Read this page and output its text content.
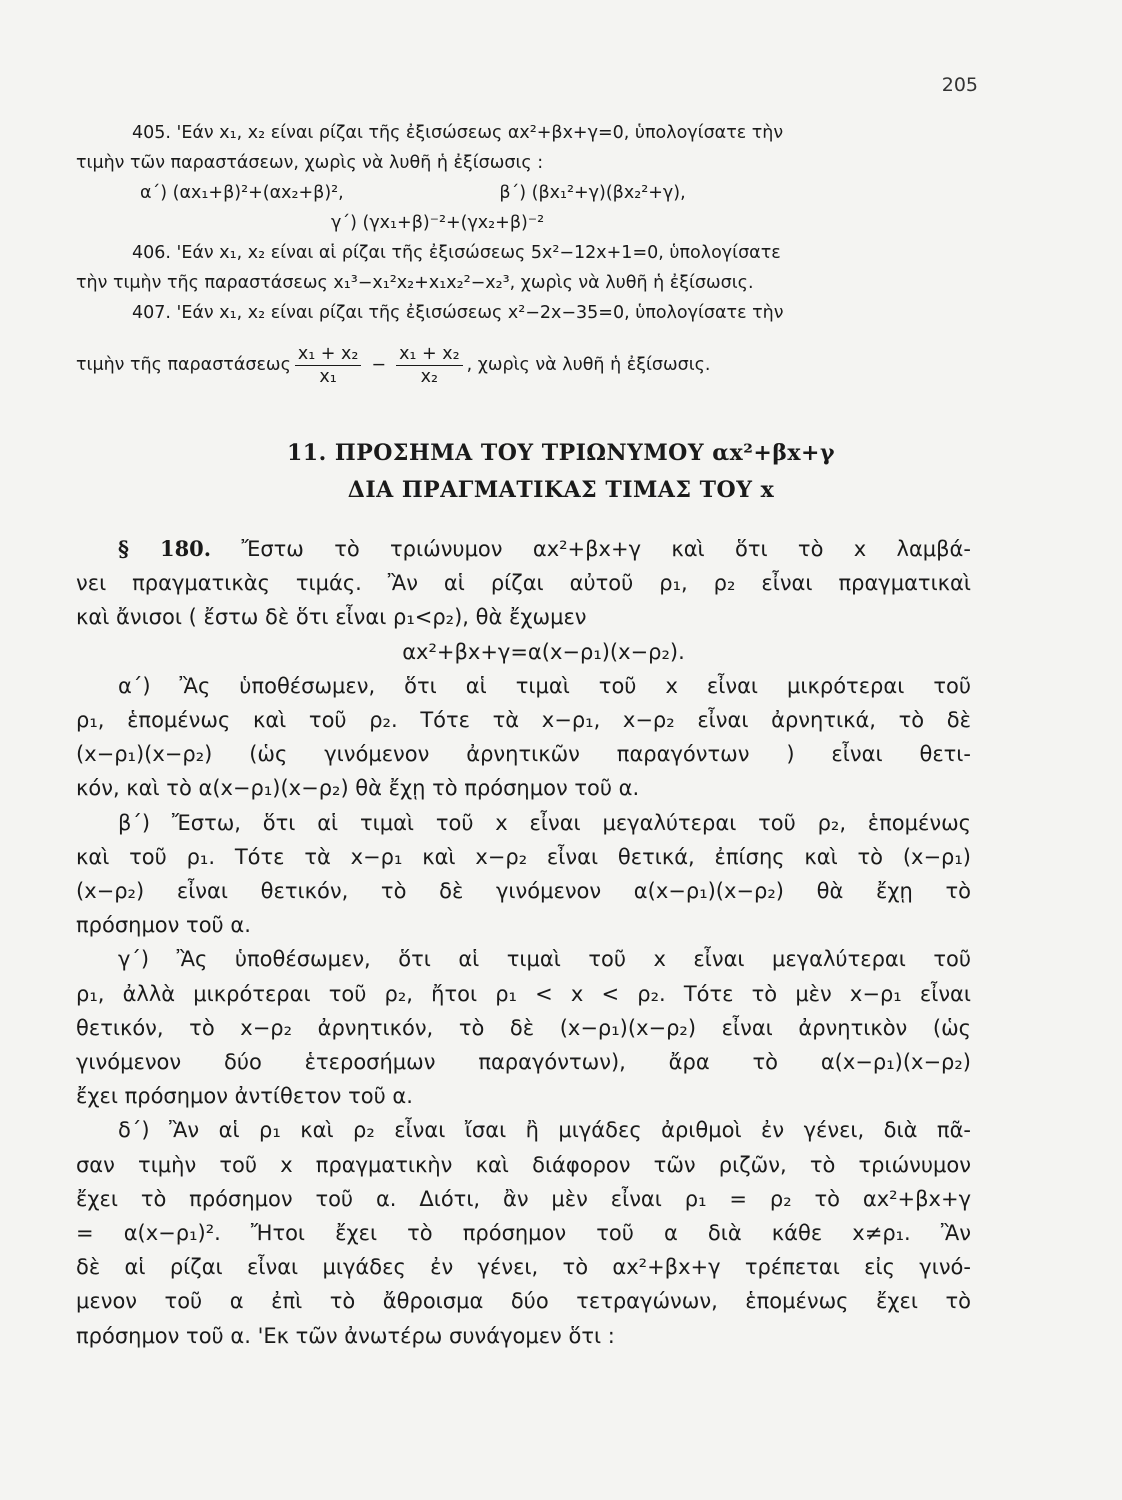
205
405. 'Εάν x₁, x₂ είναι ρίζαι τῆς ἐξισώσεως αx²+βx+γ=0, ὑπολογίσατε τὴν
τιμὴν τῶν παραστάσεων, χωρὶς νὰ λυθῆ ἡ ἐξίσωσις :
α΄) (αx₁+β)²+(αx₂+β)²,	β΄) (βx₁²+γ)(βx₂²+γ),
γ΄) (γx₁+β)⁻²+(γx₂+β)⁻²
406. 'Εάν x₁, x₂ είναι αἱ ρίζαι τῆς ἐξισώσεως 5x²−12x+1=0, ὑπολογίσατε
τὴν τιμὴν τῆς παραστάσεως x₁³−x₁²x₂+x₁x₂²−x₂³, χωρὶς νὰ λυθῆ ἡ ἐξίσωσις.
407. 'Εάν x₁, x₂ είναι ρίζαι τῆς ἐξισώσεως x²−2x−35=0, ὑπολογίσατε τὴν
τιμὴν τῆς παραστάσεως $\frac{\text{x₁ + x₂}}{\text{x₁}} - \frac{\text{x₁ + x₂}}{\text{x₂}}$ , χωρὶς νὰ λυθῆ ἡ ἐξίσωσις.
11. ΠΡΟΣΗΜΑ ΤΟΥ ΤΡΙΩΝΥΜΟΥ αx²+βx+γ
ΔΙΑ ΠΡΑΓΜΑΤΙΚΑΣ ΤΙΜΑΣ ΤΟΥ x

§ 180. Ἔστω τὸ τριώνυμον αx²+βx+γ καὶ ὅτι τὸ x λαμβά-

νει πραγματικὰς τιμάς. Ἂν αἱ ρίζαι αὐτοῦ ρ₁, ρ₂ εἶναι πραγματικαὶ

καὶ ἄνισοι ( ἔστω δὲ ὅτι εἶναι ρ₁<ρ₂), θὰ ἔχωμεν

αx²+βx+γ=α(x−ρ₁)(x−ρ₂).

α΄) Ἂς ὑποθέσωμεν, ὅτι αἱ τιμαὶ τοῦ x εἶναι μικρότεραι τοῦ

ρ₁, ἑπομένως καὶ τοῦ ρ₂. Τότε τὰ x−ρ₁, x−ρ₂ εἶναι ἀρνητικά, τὸ δὲ

(x−ρ₁)(x−ρ₂) (ὡς γινόμενον ἀρνητικῶν παραγόντων ) εἶναι θετι-

κόν, καὶ τὸ α(x−ρ₁)(x−ρ₂) θὰ ἔχῃ τὸ πρόσημον τοῦ α.

β΄) Ἔστω, ὅτι αἱ τιμαὶ τοῦ x εἶναι μεγαλύτεραι τοῦ ρ₂, ἑπομένως

καὶ τοῦ ρ₁. Τότε τὰ x−ρ₁ καὶ x−ρ₂ εἶναι θετικά, ἐπίσης καὶ τὸ (x−ρ₁)

(x−ρ₂) εἶναι θετικόν, τὸ δὲ γινόμενον α(x−ρ₁)(x−ρ₂) θὰ ἔχῃ τὸ

πρόσημον τοῦ α.

γ΄) Ἂς ὑποθέσωμεν, ὅτι αἱ τιμαὶ τοῦ x εἶναι μεγαλύτεραι τοῦ

ρ₁, ἀλλὰ μικρότεραι τοῦ ρ₂, ἤτοι ρ₁ < x < ρ₂. Τότε τὸ μὲν x−ρ₁ εἶναι

θετικόν, τὸ x−ρ₂ ἀρνητικόν, τὸ δὲ (x−ρ₁)(x−ρ₂) εἶναι ἀρνητικὸν (ὡς

γινόμενον δύο ἑτεροσήμων παραγόντων), ἄρα τὸ α(x−ρ₁)(x−ρ₂)

ἔχει πρόσημον ἀντίθετον τοῦ α.

δ΄) Ἂν αἱ ρ₁ καὶ ρ₂ εἶναι ἴσαι ἢ μιγάδες ἀριθμοὶ ἐν γένει, διὰ πᾶ-

σαν τιμὴν τοῦ x πραγματικὴν καὶ διάφορον τῶν ριζῶν, τὸ τριώνυμον

ἔχει τὸ πρόσημον τοῦ α. Διότι, ἂν μὲν εἶναι ρ₁ = ρ₂ τὸ αx²+βx+γ

= α(x−ρ₁)². Ἤτοι ἔχει τὸ πρόσημον τοῦ α διὰ κάθε x≠ρ₁. Ἂν

δὲ αἱ ρίζαι εἶναι μιγάδες ἐν γένει, τὸ αx²+βx+γ τρέπεται εἰς γινό-

μενον τοῦ α ἐπὶ τὸ ἄθροισμα δύο τετραγώνων, ἑπομένως ἔχει τὸ

πρόσημον τοῦ α. 'Εκ τῶν ἀνωτέρω συνάγομεν ὅτι :
